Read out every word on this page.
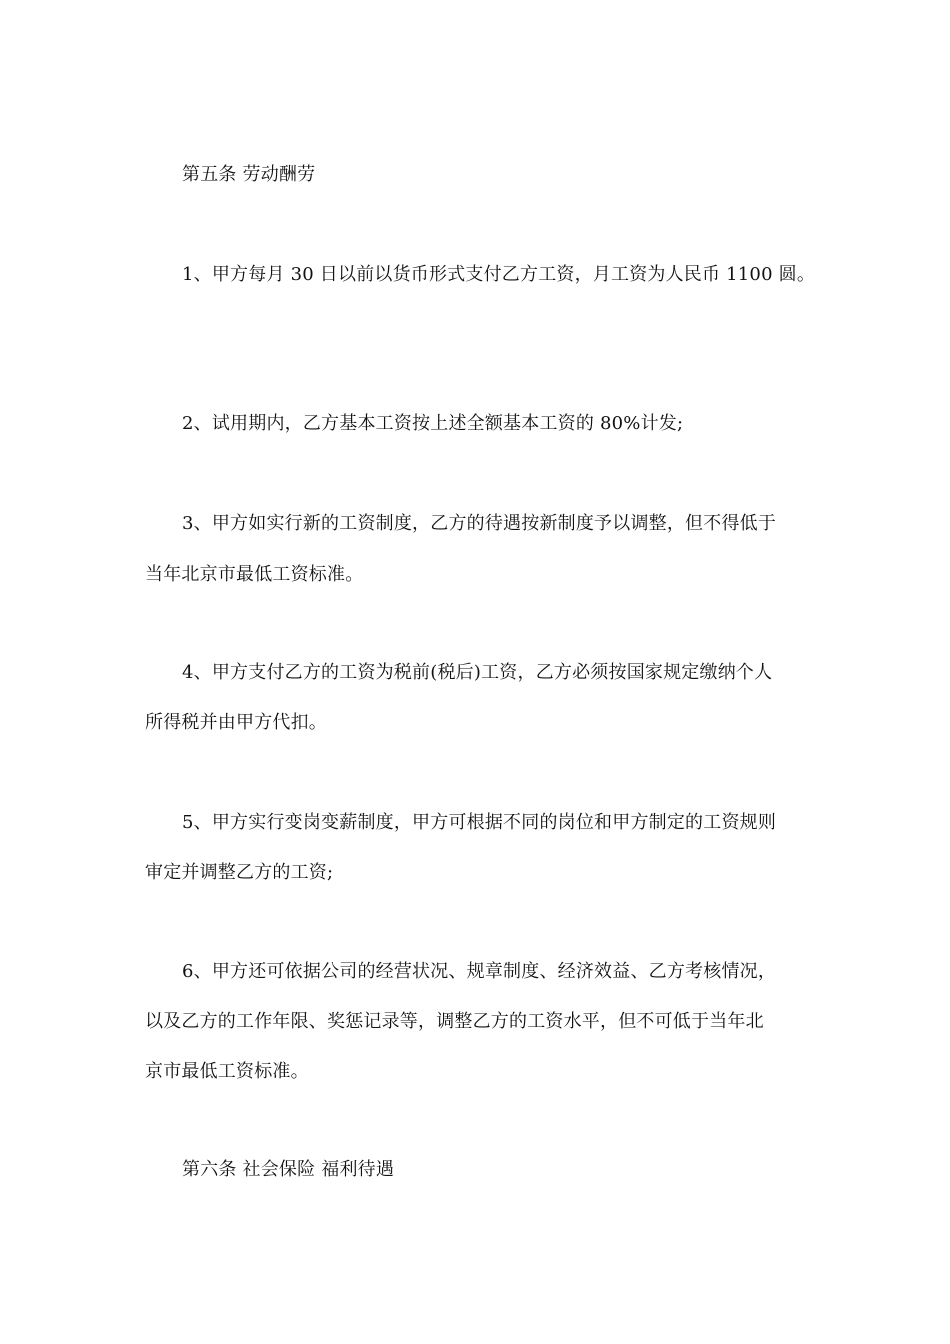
第五条 劳动酬劳
1、甲方每月 30 日以前以货币形式支付乙方工资，月工资为人民币 1100 圆。
2、试用期内，乙方基本工资按上述全额基本工资的 80%计发;
3、甲方如实行新的工资制度，乙方的待遇按新制度予以调整，但不得低于
当年北京市最低工资标准。
4、甲方支付乙方的工资为税前(税后)工资，乙方必须按国家规定缴纳个人
所得税并由甲方代扣。
5、甲方实行变岗变薪制度，甲方可根据不同的岗位和甲方制定的工资规则
审定并调整乙方的工资;
6、甲方还可依据公司的经营状况、规章制度、经济效益、乙方考核情况，
以及乙方的工作年限、奖惩记录等，调整乙方的工资水平，但不可低于当年北
京市最低工资标准。
第六条 社会保险 福利待遇
